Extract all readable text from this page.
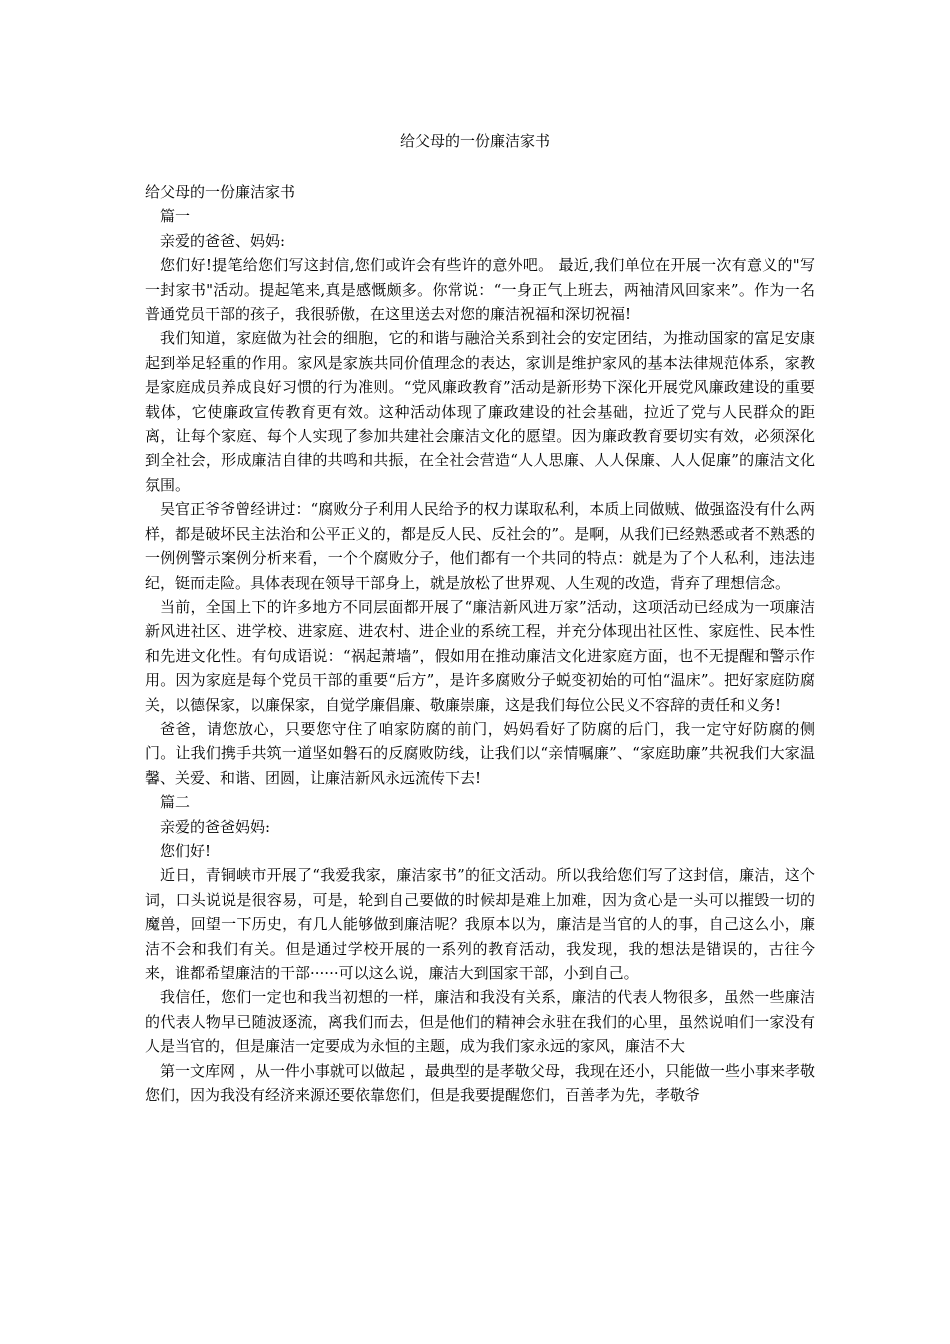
给父母的一份廉洁家书

给父母的一份廉洁家书

篇一

亲爱的爸爸、妈妈:

您们好!提笔给您们写这封信,您们或许会有些许的意外吧。 最近,我们单位在开展一次有意义的"写一封家书"活动。提起笔来,真是感慨颇多。你常说：“一身正气上班去，两袖清风回家来”。作为一名普通党员干部的孩子，我很骄傲，在这里送去对您的廉洁祝福和深切祝福!

我们知道，家庭做为社会的细胞，它的和谐与融洽关系到社会的安定团结，为推动国家的富足安康起到举足轻重的作用。家风是家族共同价值理念的表达，家训是维护家风的基本法律规范体系，家教是家庭成员养成良好习惯的行为准则。“党风廉政教育”活动是新形势下深化开展党风廉政建设的重要载体，它使廉政宣传教育更有效。这种活动体现了廉政建设的社会基础，拉近了党与人民群众的距离，让每个家庭、每个人实现了参加共建社会廉洁文化的愿望。因为廉政教育要切实有效，必须深化到全社会，形成廉洁自律的共鸣和共振，在全社会营造“人人思廉、人人保廉、人人促廉”的廉洁文化氛围。

吴官正爷爷曾经讲过：“腐败分子利用人民给予的权力谋取私利，本质上同做贼、做强盗没有什么两样，都是破坏民主法治和公平正义的，都是反人民、反社会的”。是啊，从我们已经熟悉或者不熟悉的一例例警示案例分析来看，一个个腐败分子，他们都有一个共同的特点：就是为了个人私利，违法违纪，铤而走险。具体表现在领导干部身上，就是放松了世界观、人生观的改造，背弃了理想信念。

当前，全国上下的许多地方不同层面都开展了“廉洁新风进万家”活动，这项活动已经成为一项廉洁新风进社区、进学校、进家庭、进农村、进企业的系统工程，并充分体现出社区性、家庭性、民本性和先进文化性。有句成语说：“祸起萧墙”，假如用在推动廉洁文化进家庭方面，也不无提醒和警示作用。因为家庭是每个党员干部的重要“后方”，是许多腐败分子蜕变初始的可怕“温床”。把好家庭防腐关，以德保家，以廉保家，自觉学廉倡廉、敬廉崇廉，这是我们每位公民义不容辞的责任和义务!

爸爸，请您放心，只要您守住了咱家防腐的前门，妈妈看好了防腐的后门，我一定守好防腐的侧门。让我们携手共筑一道坚如磐石的反腐败防线，让我们以“亲情嘱廉”、“家庭助廉”共祝我们大家温馨、关爱、和谐、团圆，让廉洁新风永远流传下去!

篇二

亲爱的爸爸妈妈:

您们好!

近日，青铜峡市开展了“我爱我家，廉洁家书”的征文活动。所以我给您们写了这封信，廉洁，这个词，口头说说是很容易，可是，轮到自己要做的时候却是难上加难，因为贪心是一头可以摧毁一切的魔兽，回望一下历史，有几人能够做到廉洁呢？我原本以为，廉洁是当官的人的事，自己这么小，廉洁不会和我们有关。但是通过学校开展的一系列的教育活动，我发现，我的想法是错误的，古往今来，谁都希望廉洁的干部······可以这么说，廉洁大到国家干部，小到自己。

我信任，您们一定也和我当初想的一样，廉洁和我没有关系，廉洁的代表人物很多，虽然一些廉洁的代表人物早已随波逐流，离我们而去，但是他们的精神会永驻在我们的心里，虽然说咱们一家没有人是当官的，但是廉洁一定要成为永恒的主题，成为我们家永远的家风，廉洁不大

第一文库网 ，从一件小事就可以做起 ，最典型的是孝敬父母，我现在还小，只能做一些小事来孝敬您们，因为我没有经济来源还要依靠您们，但是我要提醒您们，百善孝为先，孝敬爷
